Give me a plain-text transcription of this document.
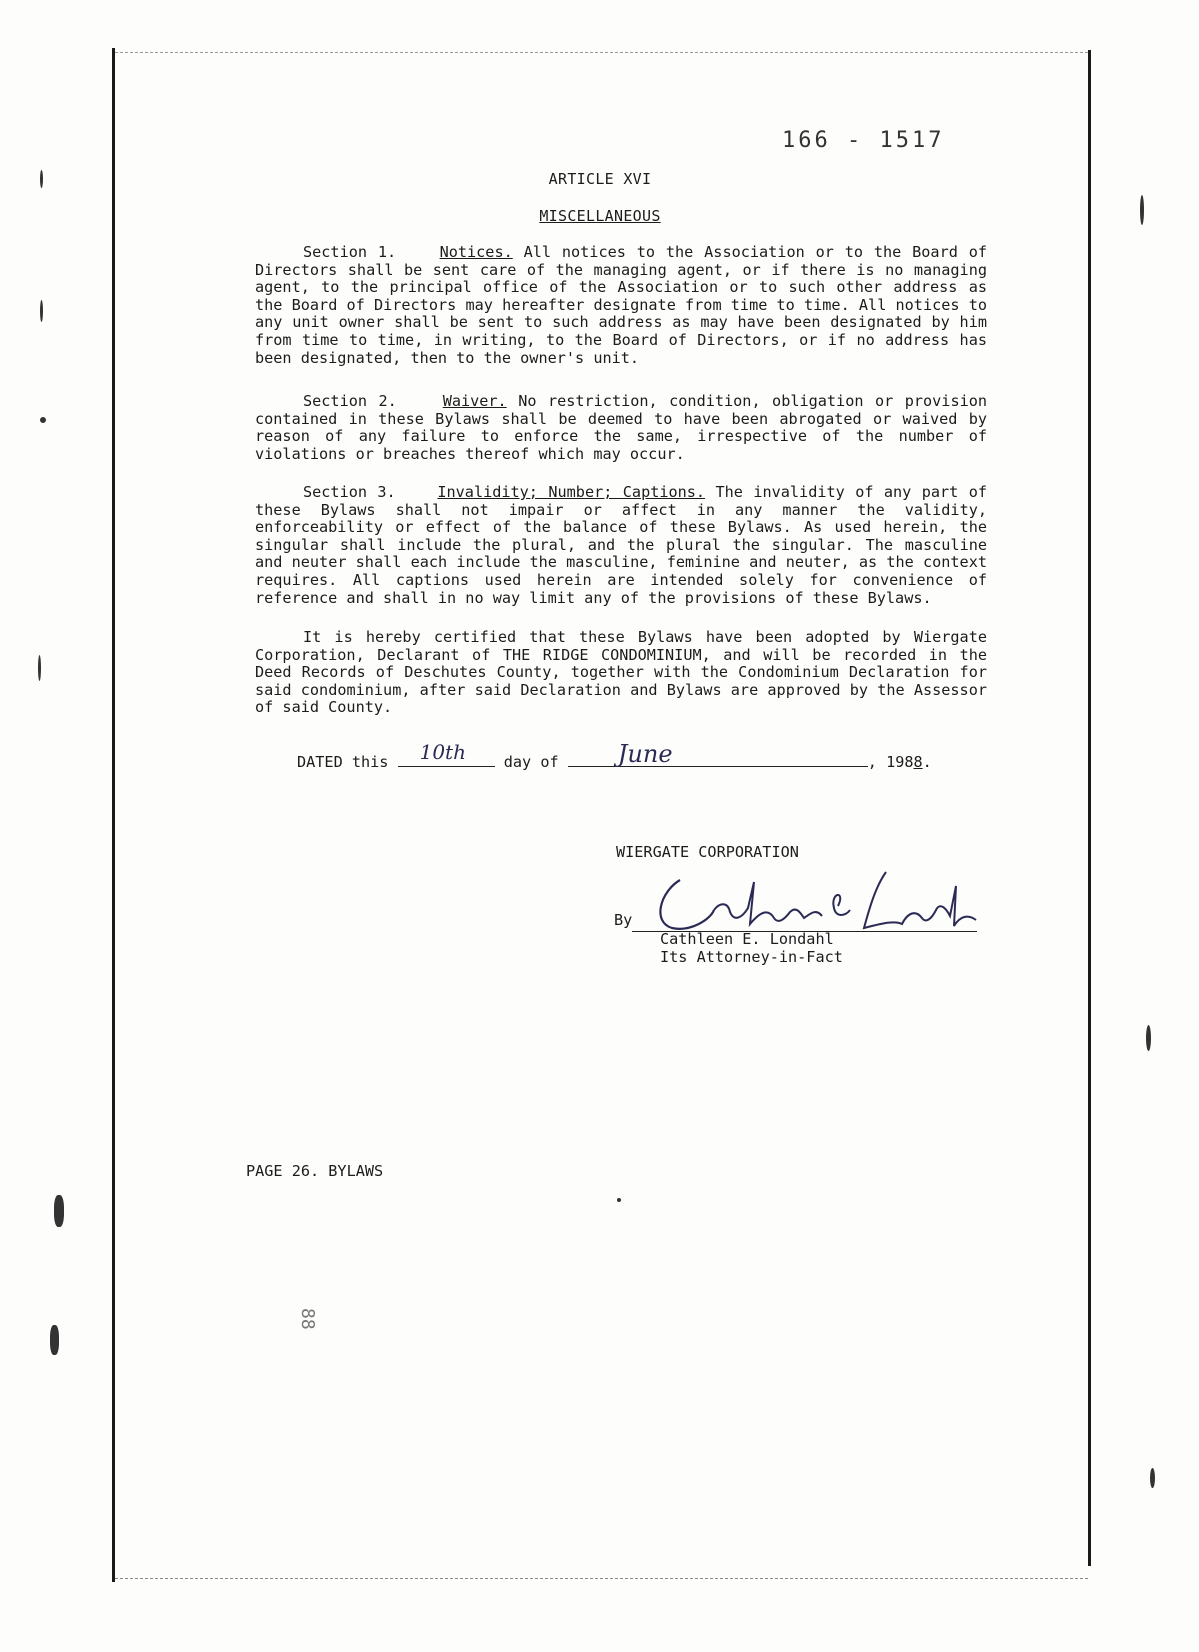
166 - 1517
ARTICLE XVI
MISCELLANEOUS

Section 1.	Notices. All notices to the Association or to the Board of Directors shall be sent care of the managing agent, or if there is no managing agent, to the principal office of the Association or to such other address as the Board of Directors may hereafter designate from time to time. All notices to any unit owner shall be sent to such address as may have been designated by him from time to time, in writing, to the Board of Directors, or if no address has been designated, then to the owner's unit.

Section 2.	Waiver. No restriction, condition, obligation or provision contained in these Bylaws shall be deemed to have been abrogated or waived by reason of any failure to enforce the same, irrespective of the number of violations or breaches thereof which may occur.

Section 3.	Invalidity; Number; Captions. The invalidity of any part of these Bylaws shall not impair or affect in any manner the validity, enforceability or effect of the balance of these Bylaws. As used herein, the singular shall include the plural, and the plural the singular. The masculine and neuter shall each include the masculine, feminine and neuter, as the context requires. All captions used herein are intended solely for convenience of reference and shall in no way limit any of the provisions of these Bylaws.

It is hereby certified that these Bylaws have been adopted by Wiergate Corporation, Declarant of THE RIDGE CONDOMINIUM, and will be recorded in the Deed Records of Deschutes County, together with the Condominium Declaration for said condominium, after said Declaration and Bylaws are approved by the Assessor of said County.

DATED this 10th day of June	, 1988.
WIERGATE CORPORATION
By
Cathleen E. Londahl
Its Attorney-in-Fact
PAGE 26. BYLAWS
88
